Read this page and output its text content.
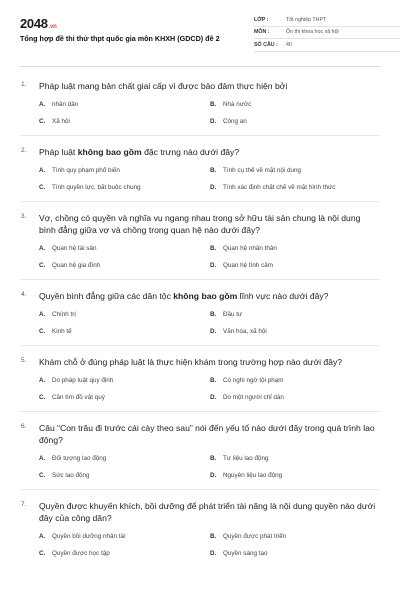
2048.vn
Tổng hợp đề thi thử thpt quốc gia môn KHXH (GDCD) đề 2
LỚP :	Tốt nghiệp THPT
MÔN :	Ôn thi khoa học xã hội
SỐ CÂU :	40
1. Pháp luật mang bản chất giai cấp vì được bảo đảm thực hiện bởi
A.	nhân dân	B.	Nhà nước
C.	Xã hội	D.	Công an
2. Pháp luật không bao gồm đặc trưng nào dưới đây?
A.	Tính quy phạm phổ biến	B.	Tính cụ thể về mặt nội dung
C.	Tính quyền lực, bắt buộc chung	D.	Tính xác định chặt chẽ về mặt hình thức
3. Vợ, chồng có quyền và nghĩa vụ ngang nhau trong sở hữu tài sản chung là nội dung bình đẳng giữa vợ và chồng trong quan hệ nào dưới đây?
A.	Quan hệ tài sản	B.	Quan hệ nhân thân
C.	Quan hệ gia đình	D.	Quan hệ tình cảm
4. Quyền bình đẳng giữa các dân tộc không bao gồm lĩnh vực nào dưới đây?
A.	Chính trị	B.	Đầu tư
C.	Kinh tế	D.	Văn hóa, xã hội
5. Khám chỗ ở đúng pháp luật là thực hiện khám trong trường hợp nào dưới đây?
A.	Do pháp luật quy định	B.	Có nghi ngờ tội phạm
C.	Cần tìm đồ vật quý	D.	Do một người chỉ dẫn
6. Câu “Con trâu đi trước cái cày theo sau” nói đến yếu tố nào dưới đây trong quá trình lao động?
A.	Đối tượng lao động	B.	Tư liệu lao động
C.	Sức lao động	D.	Nguyên liệu lao động
7. Quyền được khuyến khích, bồi dưỡng để phát triển tài năng là nội dung quyền nào dưới đây của công dân?
A.	Quyền bồi dưỡng nhân tài	B.	Quyền được phát triển
C.	Quyền được học tập	D.	Quyền sáng tạo
